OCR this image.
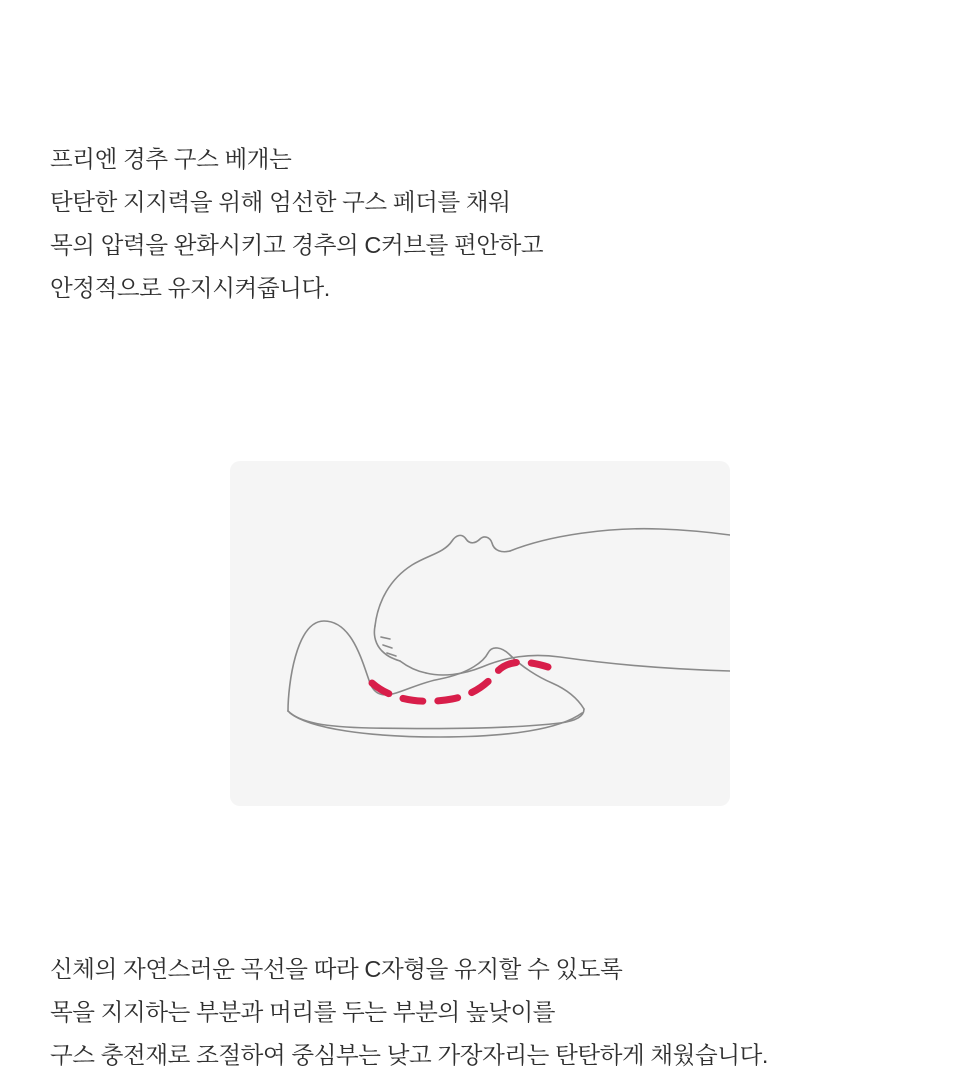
프리엔 경추 구스 베개는
탄탄한 지지력을 위해 엄선한 구스 페더를 채워
목의 압력을 완화시키고 경추의 C커브를 편안하고
안정적으로 유지시켜줍니다.
신체의 자연스러운 곡선을 따라 C자형을 유지할 수 있도록
목을 지지하는 부분과 머리를 두는 부분의 높낮이를
구스 충전재로 조절하여 중심부는 낮고 가장자리는 탄탄하게 채웠습니다.
